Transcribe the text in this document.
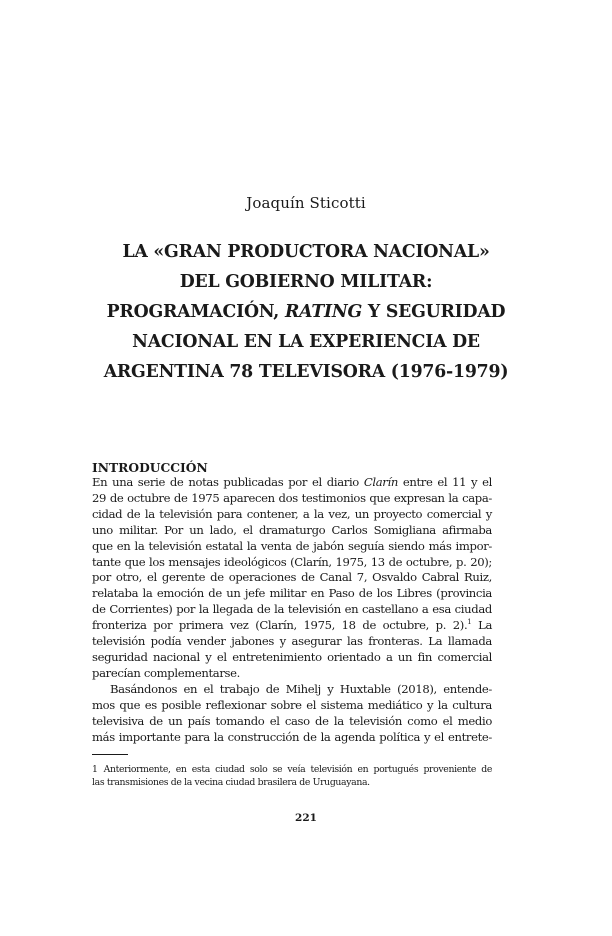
Joaquín Sticotti
LA «GRAN PRODUCTORA NACIONAL»
DEL GOBIERNO MILITAR:
PROGRAMACIÓN, RATING Y SEGURIDAD
NACIONAL EN LA EXPERIENCIA DE
ARGENTINA 78 TELEVISORA (1976-1979)
INTRODUCCIÓN
En una serie de notas publicadas por el diario Clarín entre el 11 y el
29 de octubre de 1975 aparecen dos testimonios que expresan la capa-
cidad de la televisión para contener, a la vez, un proyecto comercial y
uno militar. Por un lado, el dramaturgo Carlos Somigliana afirmaba
que en la televisión estatal la venta de jabón seguía siendo más impor-
tante que los mensajes ideológicos (Clarín, 1975, 13 de octubre, p. 20);
por otro, el gerente de operaciones de Canal 7, Osvaldo Cabral Ruiz,
relataba la emoción de un jefe militar en Paso de los Libres (provincia
de Corrientes) por la llegada de la televisión en castellano a esa ciudad
fronteriza por primera vez (Clarín, 1975, 18 de octubre, p. 2).$^1$ La
televisión podía vender jabones y asegurar las fronteras. La llamada
seguridad nacional y el entretenimiento orientado a un fin comercial
parecían complementarse.
Basándonos en el trabajo de Mihelj y Huxtable (2018), entende-
mos que es posible reflexionar sobre el sistema mediático y la cultura
televisiva de un país tomando el caso de la televisión como el medio
más importante para la construcción de la agenda política y el entrete-
1 Anteriormente, en esta ciudad solo se veía televisión en portugués proveniente de
las transmisiones de la vecina ciudad brasilera de Uruguayana.
221
